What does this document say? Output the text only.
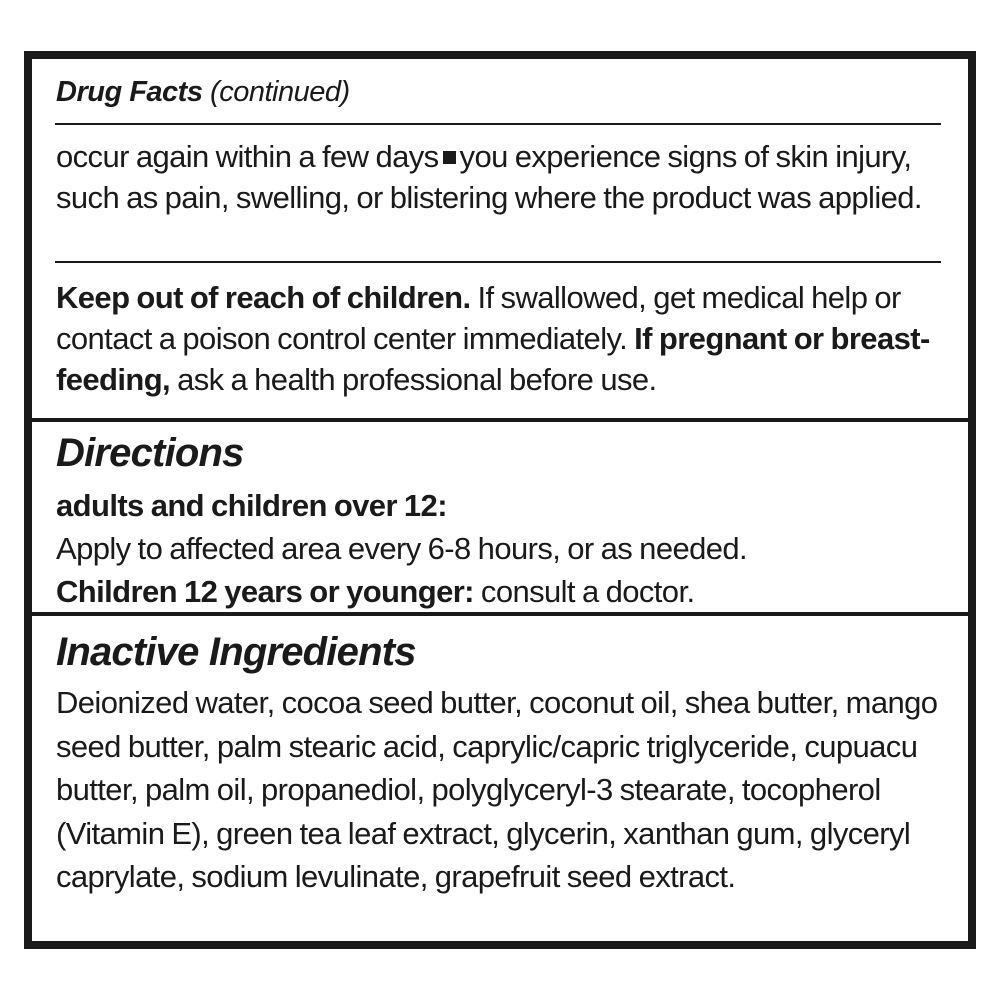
Drug Facts (continued)

occur again within a few days you experience signs of skin injury, such as pain, swelling, or blistering where the product was applied.

Keep out of reach of children. If swallowed, get medical help or contact a poison control center immediately. If pregnant or breast-feeding, ask a health professional before use.

Directions

adults and children over 12:
Apply to affected area every 6-8 hours, or as needed.
Children 12 years or younger: consult a doctor.

Inactive Ingredients

Deionized water, cocoa seed butter, coconut oil, shea butter, mango seed butter, palm stearic acid, caprylic/capric triglyceride, cupuacu butter, palm oil, propanediol, polyglyceryl-3 stearate, tocopherol (Vitamin E), green tea leaf extract, glycerin, xanthan gum, glyceryl caprylate, sodium levulinate, grapefruit seed extract.
